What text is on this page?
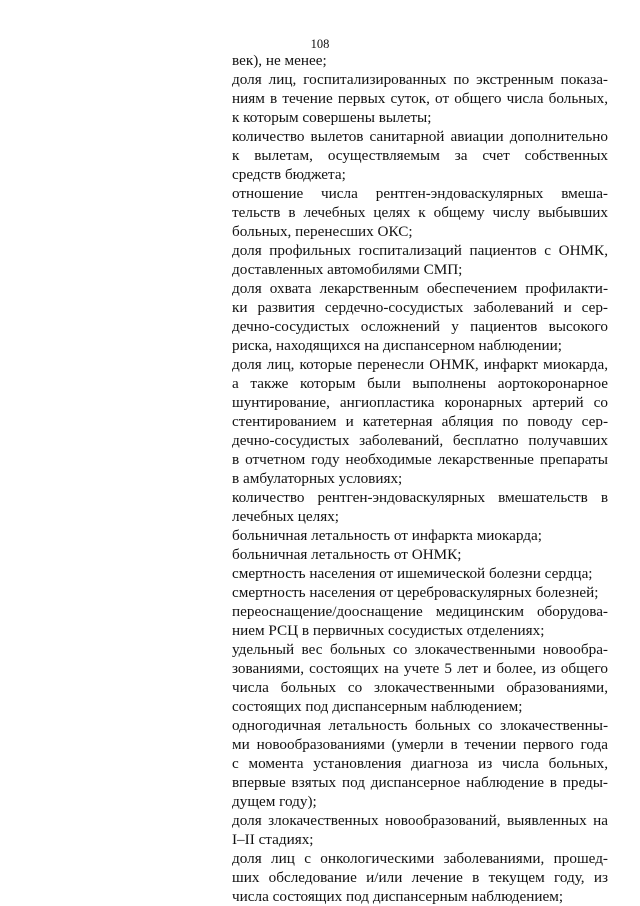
108
век), не менее;
доля лиц, госпитализированных по экстренным показа-
ниям в течение первых суток, от общего числа больных,
к которым совершены вылеты;
количество вылетов санитарной авиации дополнительно
к вылетам, осуществляемым за счет собственных
средств бюджета;
отношение числа рентген-эндоваскулярных вмеша-
тельств в лечебных целях к общему числу выбывших
больных, перенесших ОКС;
доля профильных госпитализаций пациентов с ОНМК,
доставленных автомобилями СМП;
доля охвата лекарственным обеспечением профилакти-
ки развития сердечно-сосудистых заболеваний и сер-
дечно-сосудистых осложнений у пациентов высокого
риска, находящихся на диспансерном наблюдении;
доля лиц, которые перенесли ОНМК, инфаркт миокарда,
а также которым были выполнены аортокоронарное
шунтирование, ангиопластика коронарных артерий со
стентированием и катетерная абляция по поводу сер-
дечно-сосудистых заболеваний, бесплатно получавших
в отчетном году необходимые лекарственные препараты
в амбулаторных условиях;
количество рентген-эндоваскулярных вмешательств в
лечебных целях;
больничная летальность от инфаркта миокарда;
больничная летальность от ОНМК;
смертность населения от ишемической болезни сердца;
смертность населения от цереброваскулярных болезней;
переоснащение/дооснащение медицинским оборудова-
нием РСЦ в первичных сосудистых отделениях;
удельный вес больных со злокачественными новообра-
зованиями, состоящих на учете 5 лет и более, из общего
числа больных со злокачественными образованиями,
состоящих под диспансерным наблюдением;
одногодичная летальность больных со злокачественны-
ми новообразованиями (умерли в течении первого года
с момента установления диагноза из числа больных,
впервые взятых под диспансерное наблюдение в преды-
дущем году);
доля злокачественных новообразований, выявленных на
I–II стадиях;
доля лиц с онкологическими заболеваниями, прошед-
ших обследование и/или лечение в текущем году, из
числа состоящих под диспансерным наблюдением;
